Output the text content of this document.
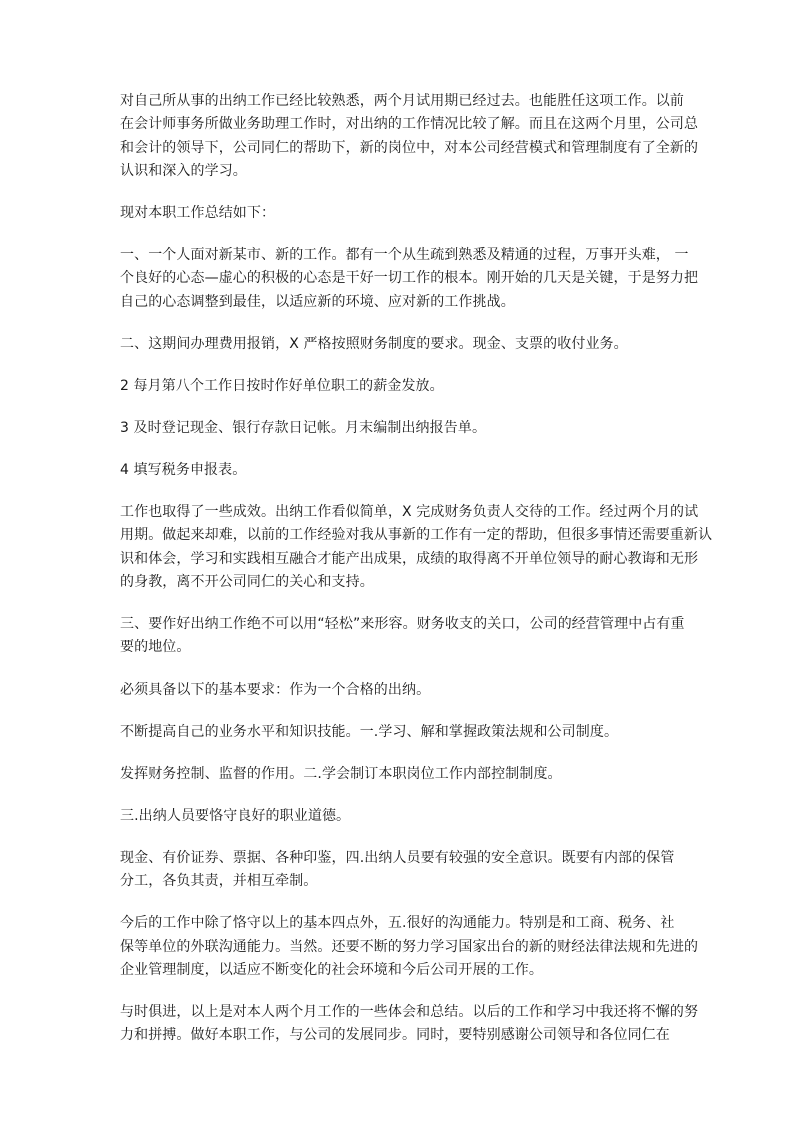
对自己所从事的出纳工作已经比较熟悉，两个月试用期已经过去。也能胜任这项工作。以前
在会计师事务所做业务助理工作时，对出纳的工作情况比较了解。而且在这两个月里，公司总
和会计的领导下，公司同仁的帮助下，新的岗位中，对本公司经营模式和管理制度有了全新的
认识和深入的学习。

现对本职工作总结如下：

一、一个人面对新某市、新的工作。都有一个从生疏到熟悉及精通的过程，万事开头难， 一
个良好的心态—虚心的积极的心态是干好一切工作的根本。刚开始的几天是关键，于是努力把
自己的心态调整到最佳，以适应新的环境、应对新的工作挑战。

二、这期间办理费用报销，X 严格按照财务制度的要求。现金、支票的收付业务。

2 每月第八个工作日按时作好单位职工的薪金发放。

3 及时登记现金、银行存款日记帐。月末编制出纳报告单。

4 填写税务申报表。

工作也取得了一些成效。出纳工作看似简单，X 完成财务负责人交待的工作。经过两个月的试
用期。做起来却难，以前的工作经验对我从事新的工作有一定的帮助，但很多事情还需要重新认
识和体会，学习和实践相互融合才能产出成果，成绩的取得离不开单位领导的耐心教诲和无形
的身教，离不开公司同仁的关心和支持。

三、要作好出纳工作绝不可以用“轻松”来形容。财务收支的关口，公司的经营管理中占有重
要的地位。

必须具备以下的基本要求：作为一个合格的出纳。

不断提高自己的业务水平和知识技能。一.学习、解和掌握政策法规和公司制度。

发挥财务控制、监督的作用。二.学会制订本职岗位工作内部控制制度。

三.出纳人员要恪守良好的职业道德。

现金、有价证券、票据、各种印鉴，四.出纳人员要有较强的安全意识。既要有内部的保管
分工，各负其责，并相互牵制。

今后的工作中除了恪守以上的基本四点外，五.很好的沟通能力。特别是和工商、税务、社
保等单位的外联沟通能力。当然。还要不断的努力学习国家出台的新的财经法律法规和先进的
企业管理制度，以适应不断变化的社会环境和今后公司开展的工作。

与时俱进，以上是对本人两个月工作的一些体会和总结。以后的工作和学习中我还将不懈的努
力和拼搏。做好本职工作，与公司的发展同步。同时，要特别感谢公司领导和各位同仁在
